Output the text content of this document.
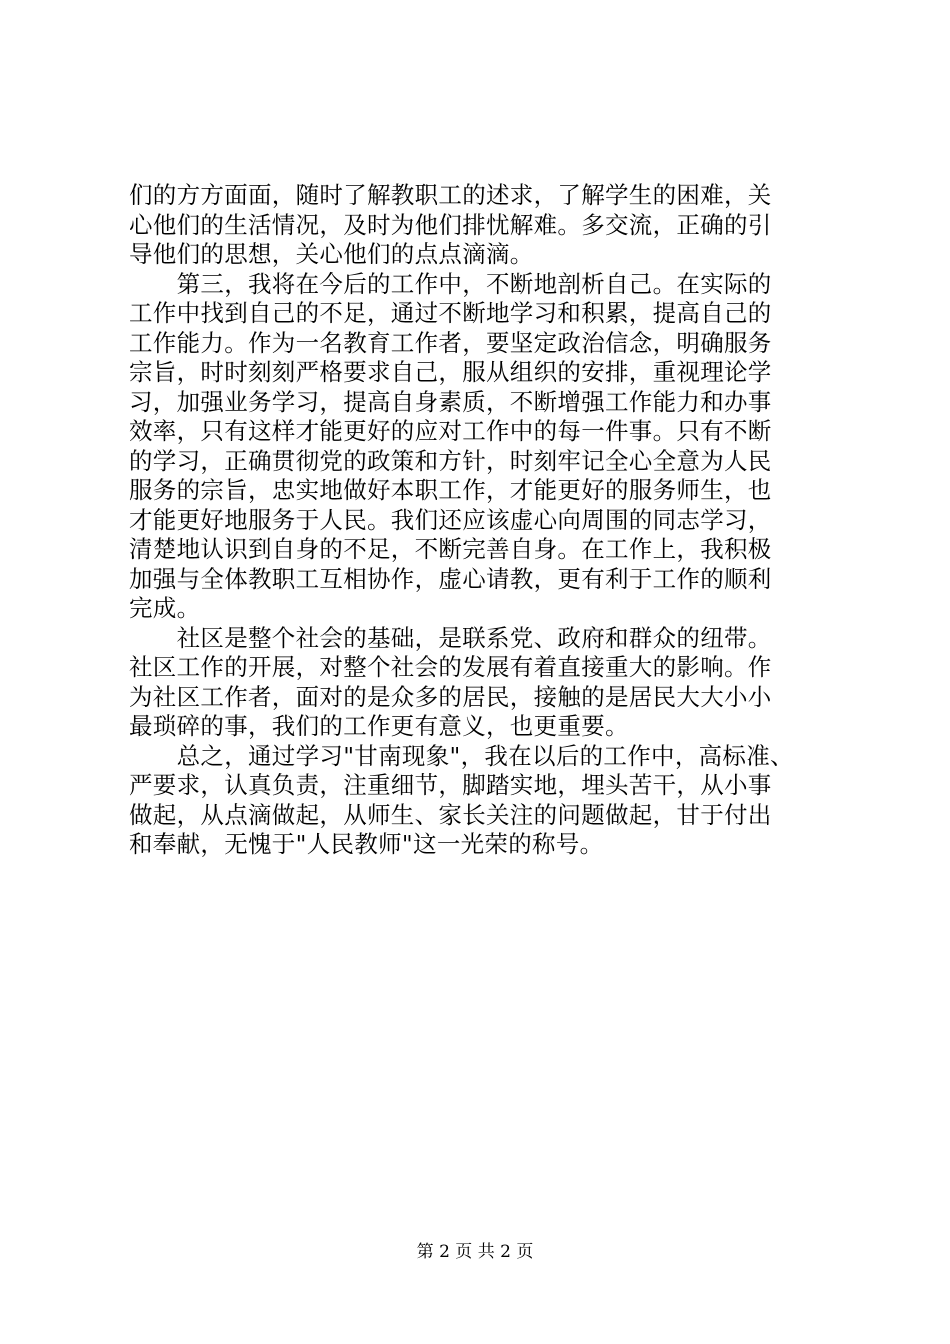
们的方方面面，随时了解教职工的述求，了解学生的困难，关
心他们的生活情况，及时为他们排忧解难。多交流，正确的引
导他们的思想，关心他们的点点滴滴。
　　第三，我将在今后的工作中，不断地剖析自己。在实际的
工作中找到自己的不足，通过不断地学习和积累，提高自己的
工作能力。作为一名教育工作者，要坚定政治信念，明确服务
宗旨，时时刻刻严格要求自己，服从组织的安排，重视理论学
习，加强业务学习，提高自身素质，不断增强工作能力和办事
效率，只有这样才能更好的应对工作中的每一件事。只有不断
的学习，正确贯彻党的政策和方针，时刻牢记全心全意为人民
服务的宗旨，忠实地做好本职工作，才能更好的服务师生，也
才能更好地服务于人民。我们还应该虚心向周围的同志学习，
清楚地认识到自身的不足，不断完善自身。在工作上，我积极
加强与全体教职工互相协作，虚心请教，更有利于工作的顺利
完成。
　　社区是整个社会的基础，是联系党、政府和群众的纽带。
社区工作的开展，对整个社会的发展有着直接重大的影响。作
为社区工作者，面对的是众多的居民，接触的是居民大大小小
最琐碎的事，我们的工作更有意义，也更重要。
　　总之，通过学习"甘南现象"，我在以后的工作中，高标准、
严要求，认真负责，注重细节，脚踏实地，埋头苦干，从小事
做起，从点滴做起，从师生、家长关注的问题做起，甘于付出
和奉献，无愧于"人民教师"这一光荣的称号。
第 2 页 共 2 页
